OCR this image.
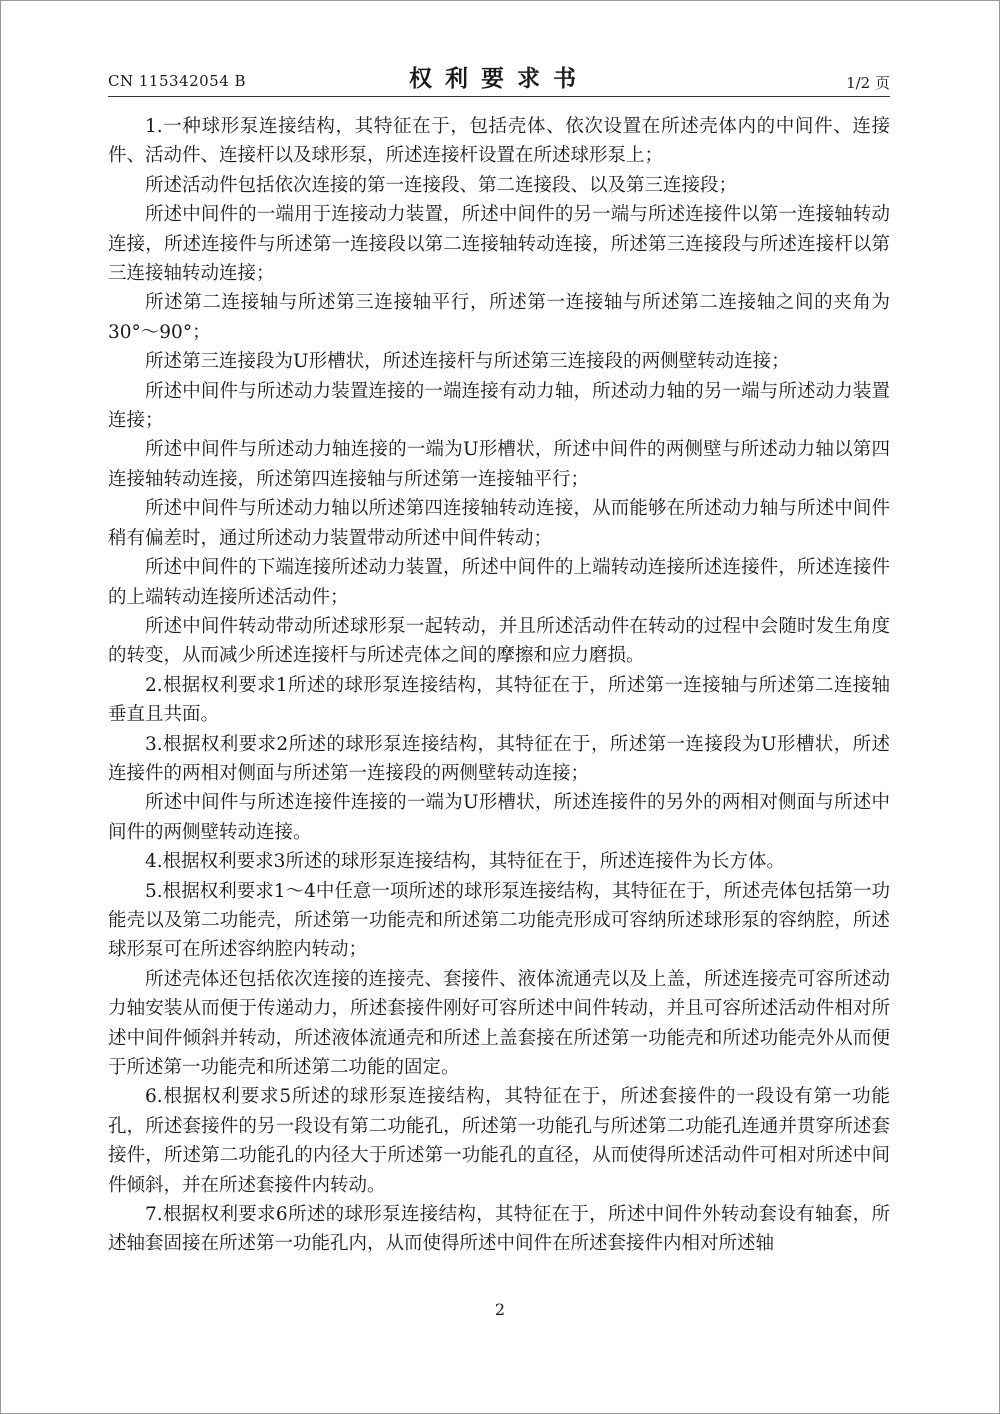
CN 115342054 B	权利要求书	1/2 页

1.一种球形泵连接结构，其特征在于，包括壳体、依次设置在所述壳体内的中间件、连接件、活动件、连接杆以及球形泵，所述连接杆设置在所述球形泵上；

所述活动件包括依次连接的第一连接段、第二连接段、以及第三连接段；

所述中间件的一端用于连接动力装置，所述中间件的另一端与所述连接件以第一连接轴转动连接，所述连接件与所述第一连接段以第二连接轴转动连接，所述第三连接段与所述连接杆以第三连接轴转动连接；

所述第二连接轴与所述第三连接轴平行，所述第一连接轴与所述第二连接轴之间的夹角为30°～90°；

所述第三连接段为U形槽状，所述连接杆与所述第三连接段的两侧壁转动连接；

所述中间件与所述动力装置连接的一端连接有动力轴，所述动力轴的另一端与所述动力装置连接；

所述中间件与所述动力轴连接的一端为U形槽状，所述中间件的两侧壁与所述动力轴以第四连接轴转动连接，所述第四连接轴与所述第一连接轴平行；

所述中间件与所述动力轴以所述第四连接轴转动连接，从而能够在所述动力轴与所述中间件稍有偏差时，通过所述动力装置带动所述中间件转动；

所述中间件的下端连接所述动力装置，所述中间件的上端转动连接所述连接件，所述连接件的上端转动连接所述活动件；

所述中间件转动带动所述球形泵一起转动，并且所述活动件在转动的过程中会随时发生角度的转变，从而减少所述连接杆与所述壳体之间的摩擦和应力磨损。

2.根据权利要求1所述的球形泵连接结构，其特征在于，所述第一连接轴与所述第二连接轴垂直且共面。

3.根据权利要求2所述的球形泵连接结构，其特征在于，所述第一连接段为U形槽状，所述连接件的两相对侧面与所述第一连接段的两侧壁转动连接；

所述中间件与所述连接件连接的一端为U形槽状，所述连接件的另外的两相对侧面与所述中间件的两侧壁转动连接。

4.根据权利要求3所述的球形泵连接结构，其特征在于，所述连接件为长方体。

5.根据权利要求1～4中任意一项所述的球形泵连接结构，其特征在于，所述壳体包括第一功能壳以及第二功能壳，所述第一功能壳和所述第二功能壳形成可容纳所述球形泵的容纳腔，所述球形泵可在所述容纳腔内转动；

所述壳体还包括依次连接的连接壳、套接件、液体流通壳以及上盖，所述连接壳可容所述动力轴安装从而便于传递动力，所述套接件刚好可容所述中间件转动，并且可容所述活动件相对所述中间件倾斜并转动，所述液体流通壳和所述上盖套接在所述第一功能壳和所述功能壳外从而便于所述第一功能壳和所述第二功能的固定。

6.根据权利要求5所述的球形泵连接结构，其特征在于，所述套接件的一段设有第一功能孔，所述套接件的另一段设有第二功能孔，所述第一功能孔与所述第二功能孔连通并贯穿所述套接件，所述第二功能孔的内径大于所述第一功能孔的直径，从而使得所述活动件可相对所述中间件倾斜，并在所述套接件内转动。

7.根据权利要求6所述的球形泵连接结构，其特征在于，所述中间件外转动套设有轴套，所述轴套固接在所述第一功能孔内，从而使得所述中间件在所述套接件内相对所述轴

2
